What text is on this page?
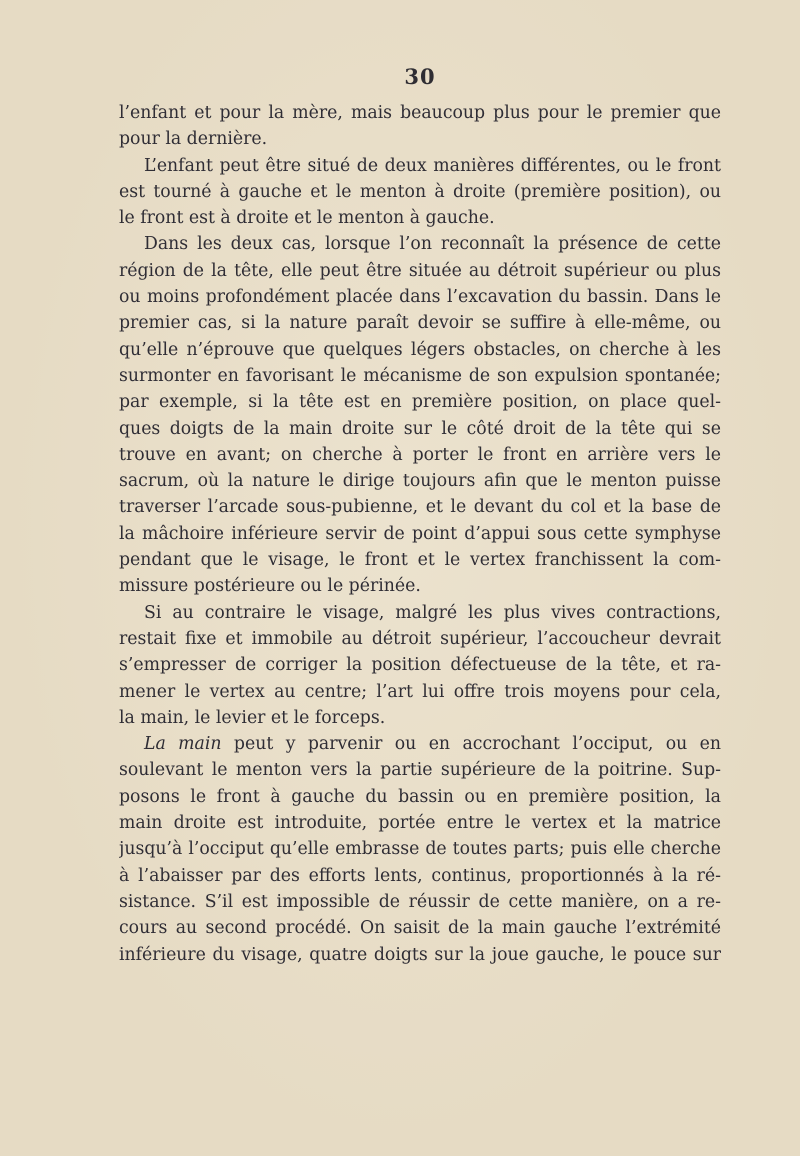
30
l’enfant et pour la mère, mais beaucoup plus pour le premier que
pour la dernière.
L’enfant peut être situé de deux manières différentes, ou le front
est tourné à gauche et le menton à droite (première position), ou
le front est à droite et le menton à gauche.
Dans les deux cas, lorsque l’on reconnaît la présence de cette
région de la tête, elle peut être située au détroit supérieur ou plus
ou moins profondément placée dans l’excavation du bassin. Dans le
premier cas, si la nature paraît devoir se suffire à elle-même, ou
qu’elle n’éprouve que quelques légers obstacles, on cherche à les
surmonter en favorisant le mécanisme de son expulsion spontanée;
par exemple, si la tête est en première position, on place quel-
ques doigts de la main droite sur le côté droit de la tête qui se
trouve en avant; on cherche à porter le front en arrière vers le
sacrum, où la nature le dirige toujours afin que le menton puisse
traverser l’arcade sous-pubienne, et le devant du col et la base de
la mâchoire inférieure servir de point d’appui sous cette symphyse
pendant que le visage, le front et le vertex franchissent la com-
missure postérieure ou le périnée.
Si au contraire le visage, malgré les plus vives contractions,
restait fixe et immobile au détroit supérieur, l’accoucheur devrait
s’empresser de corriger la position défectueuse de la tête, et ra-
mener le vertex au centre; l’art lui offre trois moyens pour cela,
la main, le levier et le forceps.
La main peut y parvenir ou en accrochant l’occiput, ou en
soulevant le menton vers la partie supérieure de la poitrine. Sup-
posons le front à gauche du bassin ou en première position, la
main droite est introduite, portée entre le vertex et la matrice
jusqu’à l’occiput qu’elle embrasse de toutes parts; puis elle cherche
à l’abaisser par des efforts lents, continus, proportionnés à la ré-
sistance. S’il est impossible de réussir de cette manière, on a re-
cours au second procédé. On saisit de la main gauche l’extrémité
inférieure du visage, quatre doigts sur la joue gauche, le pouce sur
